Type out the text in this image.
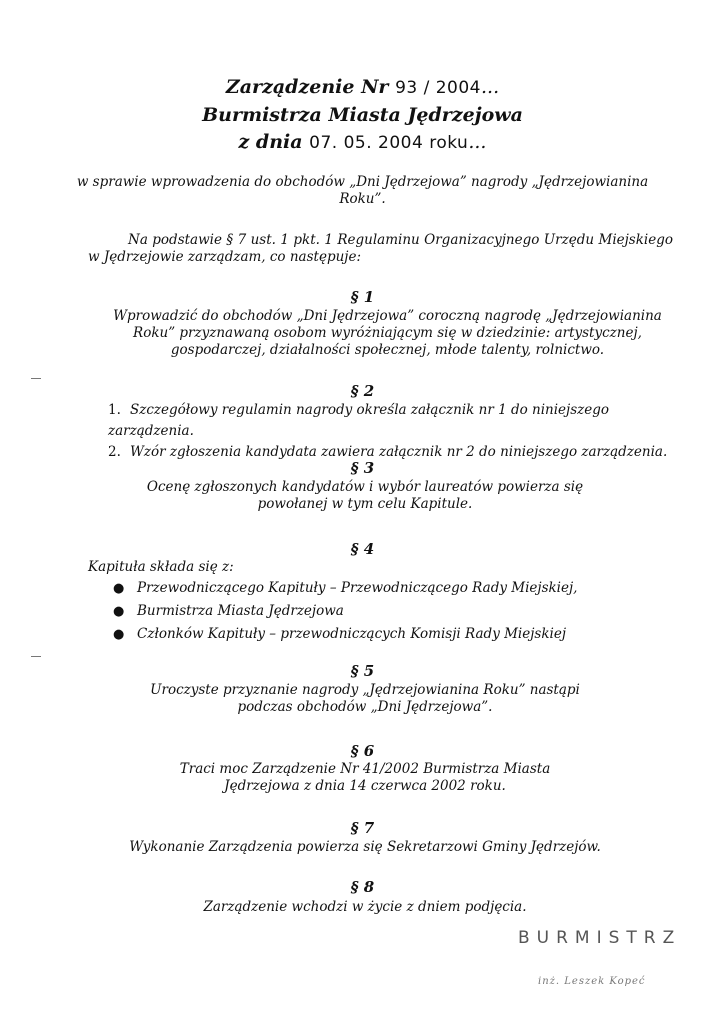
Zarządzenie Nr 93 / 2004...
Burmistrza Miasta Jędrzejowa
z dnia 07. 05. 2004 roku...
w sprawie wprowadzenia do obchodów „Dni Jędrzejowa” nagrody „Jędrzejowianina Roku”.
Na podstawie § 7 ust. 1 pkt. 1 Regulaminu Organizacyjnego Urzędu Miejskiego w Jędrzejowie zarządzam, co następuje:
§ 1
Wprowadzić do obchodów „Dni Jędrzejowa” coroczną nagrodę „Jędrzejowianina Roku” przyznawaną osobom wyróżniającym się w dziedzinie: artystycznej, gospodarczej, działalności społecznej, młode talenty, rolnictwo.
§ 2
1. Szczegółowy regulamin nagrody określa załącznik nr 1 do niniejszego zarządzenia.
2. Wzór zgłoszenia kandydata zawiera załącznik nr 2 do niniejszego zarządzenia.
§ 3
Ocenę zgłoszonych kandydatów i wybór laureatów powierza się powołanej w tym celu Kapitule.
§ 4
Kapituła składa się z:
● Przewodniczącego Kapituły – Przewodniczącego Rady Miejskiej,
● Burmistrza Miasta Jędrzejowa
● Członków Kapituły – przewodniczących Komisji Rady Miejskiej
§ 5
Uroczyste przyznanie nagrody „Jędrzejowianina Roku” nastąpi podczas obchodów „Dni Jędrzejowa”.
§ 6
Traci moc Zarządzenie Nr 41/2002 Burmistrza Miasta Jędrzejowa z dnia 14 czerwca 2002 roku.
§ 7
Wykonanie Zarządzenia powierza się Sekretarzowi Gminy Jędrzejów.
§ 8
Zarządzenie wchodzi w życie z dniem podjęcia.
BURMISTRZ
inż. Leszek Kopeć
